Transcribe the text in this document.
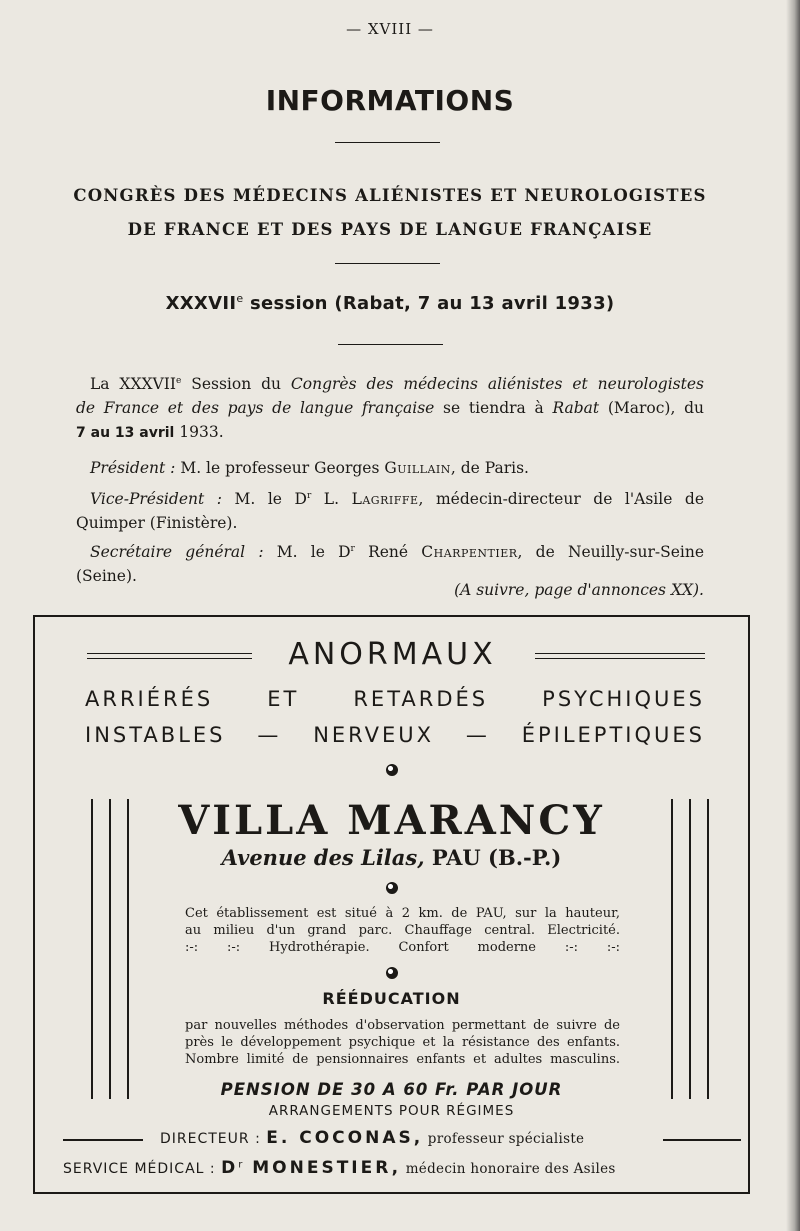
— XVIII —
INFORMATIONS
CONGRÈS DES MÉDECINS ALIÉNISTES ET NEUROLOGISTES
DE FRANCE ET DES PAYS DE LANGUE FRANÇAISE
XXXVIIe session (Rabat, 7 au 13 avril 1933)
La XXXVIIe Session du Congrès des médecins aliénistes et neurologistes
de France et des pays de langue française se tiendra à Rabat (Maroc), du
7 au 13 avril 1933.
Président : M. le professeur Georges Guillain, de Paris.
Vice-Président : M. le $D^r$ L. Lagriffe, médecin-directeur de l'Asile de
Quimper (Finistère).
Secrétaire général : M. le $D^r$ René Charpentier, de Neuilly-sur-Seine
(Seine).
(A suivre, page d'annonces XX).
ANORMAUX
ARRIÉRÉS	ET	RETARDÉS	PSYCHIQUES
INSTABLES — NERVEUX — ÉPILEPTIQUES
VILLA MARANCY
Avenue des Lilas, PAU (B.-P.)
Cet établissement est situé à 2 km. de PAU, sur la hauteur,
au milieu d'un grand parc. Chauffage central. Electricité.
:-: :-: Hydrothérapie. Confort moderne :-: :-:
RÉÉDUCATION
par nouvelles méthodes d'observation permettant de suivre de
près le développement psychique et la résistance des enfants.
Nombre limité de pensionnaires enfants et adultes masculins.
PENSION DE 30 A 60 Fr. PAR JOUR
ARRANGEMENTS POUR RÉGIMES
DIRECTEUR : E. COCONAS, professeur spécialiste
SERVICE MÉDICAL : $D^r$ MONESTIER, médecin honoraire des Asiles
